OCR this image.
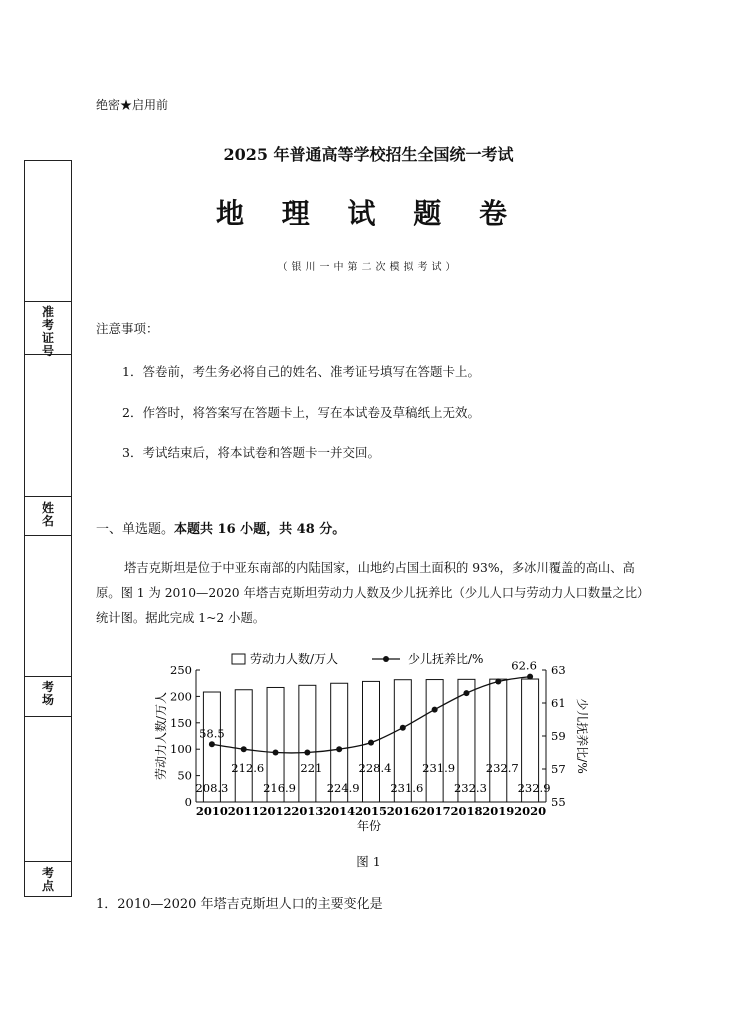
绝密★启用前
2025 年普通高等学校招生全国统一考试
地 理 试 题 卷
（银川一中第二次模拟考试）
准
考
证
号
姓
名
考
场
考
点
注意事项：
1．答卷前，考生务必将自己的姓名、准考证号填写在答题卡上。
2．作答时，将答案写在答题卡上，写在本试卷及草稿纸上无效。
3．考试结束后，将本试卷和答题卡一并交回。
一、单选题。本题共 16 小题，共 48 分。
塔吉克斯坦是位于中亚东南部的内陆国家，山地约占国土面积的 93%，多冰川覆盖的高山、高原。图 1 为 2010—2020 年塔吉克斯坦劳动力人数及少儿抚养比（少儿人口与劳动力人口数量之比）统计图。据此完成 1~2 小题。
劳动力人数/万人	少儿抚养比/%
0
50
100
150
200
250
55
57
59
61
63
208.3
2010
212.6
2011
216.9
2012
221
2013
224.9
2014
228.4
2015
231.6
2016
231.9
2017
232.3
2018
232.7
2019
232.9
2020
58.5
62.6
年份
劳动力人数/万人	少儿抚养比/%
图 1
1．2010—2020 年塔吉克斯坦人口的主要变化是
